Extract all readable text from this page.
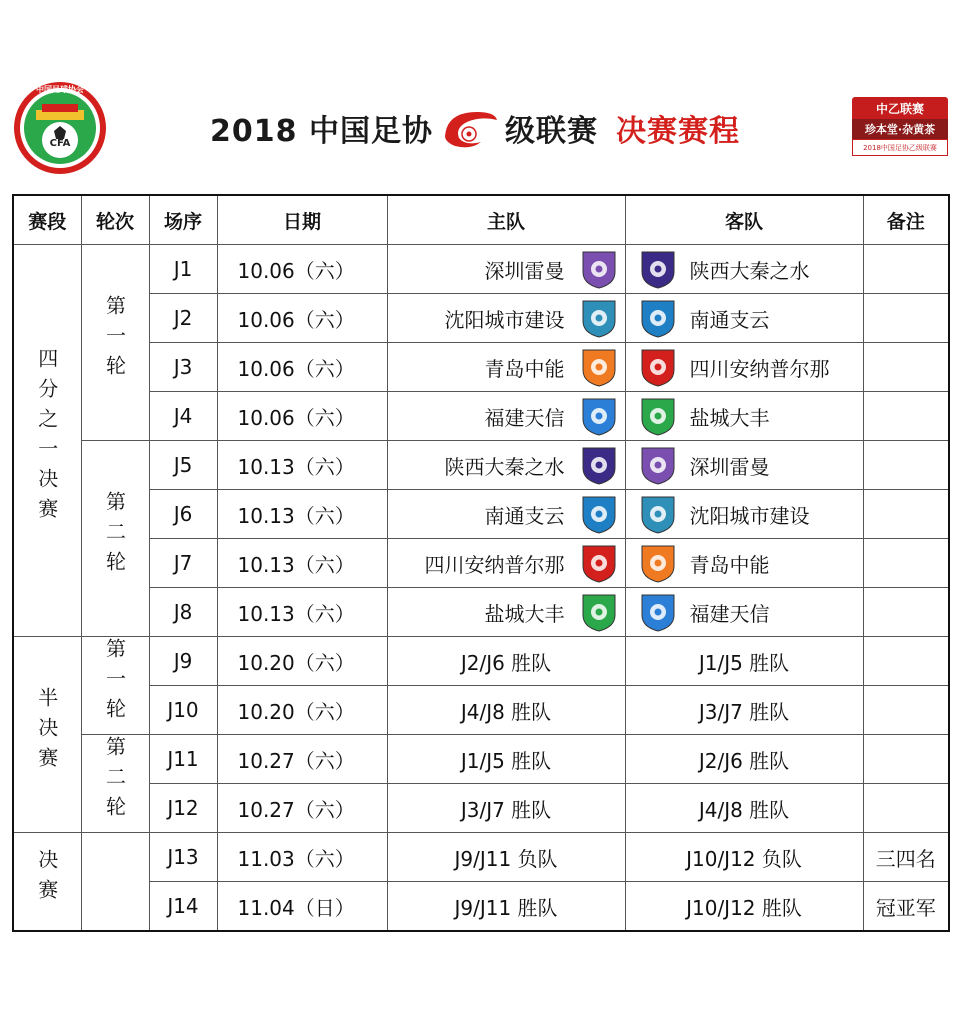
CFA
中国足球协会
2018 中国足协 级联赛 决赛赛程
中乙联赛
珍本堂·杂黄茶
2018中国足协乙级联赛
赛段	轮次	场序	日期	主队	客队	备注
四分之一决赛	第一轮	J1	10.06（六）	深圳雷曼	陕西大秦之水	

		J2	10.06（六）	沈阳城市建设	南通支云	

		J3	10.06（六）	青岛中能	四川安纳普尔那	

		J4	10.06（六）	福建天信	盐城大丰	

	第二轮	J5	10.13（六）	陕西大秦之水	深圳雷曼	

		J6	10.13（六）	南通支云	沈阳城市建设	

		J7	10.13（六）	四川安纳普尔那	青岛中能	

		J8	10.13（六）	盐城大丰	福建天信	

半决赛	第一轮	J9	10.20（六）	J2/J6 胜队	J1/J5 胜队	
		J10	10.20（六）	J4/J8 胜队	J3/J7 胜队	
	第二轮	J11	10.27（六）	J1/J5 胜队	J2/J6 胜队	
		J12	10.27（六）	J3/J7 胜队	J4/J8 胜队	
决赛		J13	11.03（六）	J9/J11 负队	J10/J12 负队	三四名
		J14	11.04（日）	J9/J11 胜队	J10/J12 胜队	冠亚军
